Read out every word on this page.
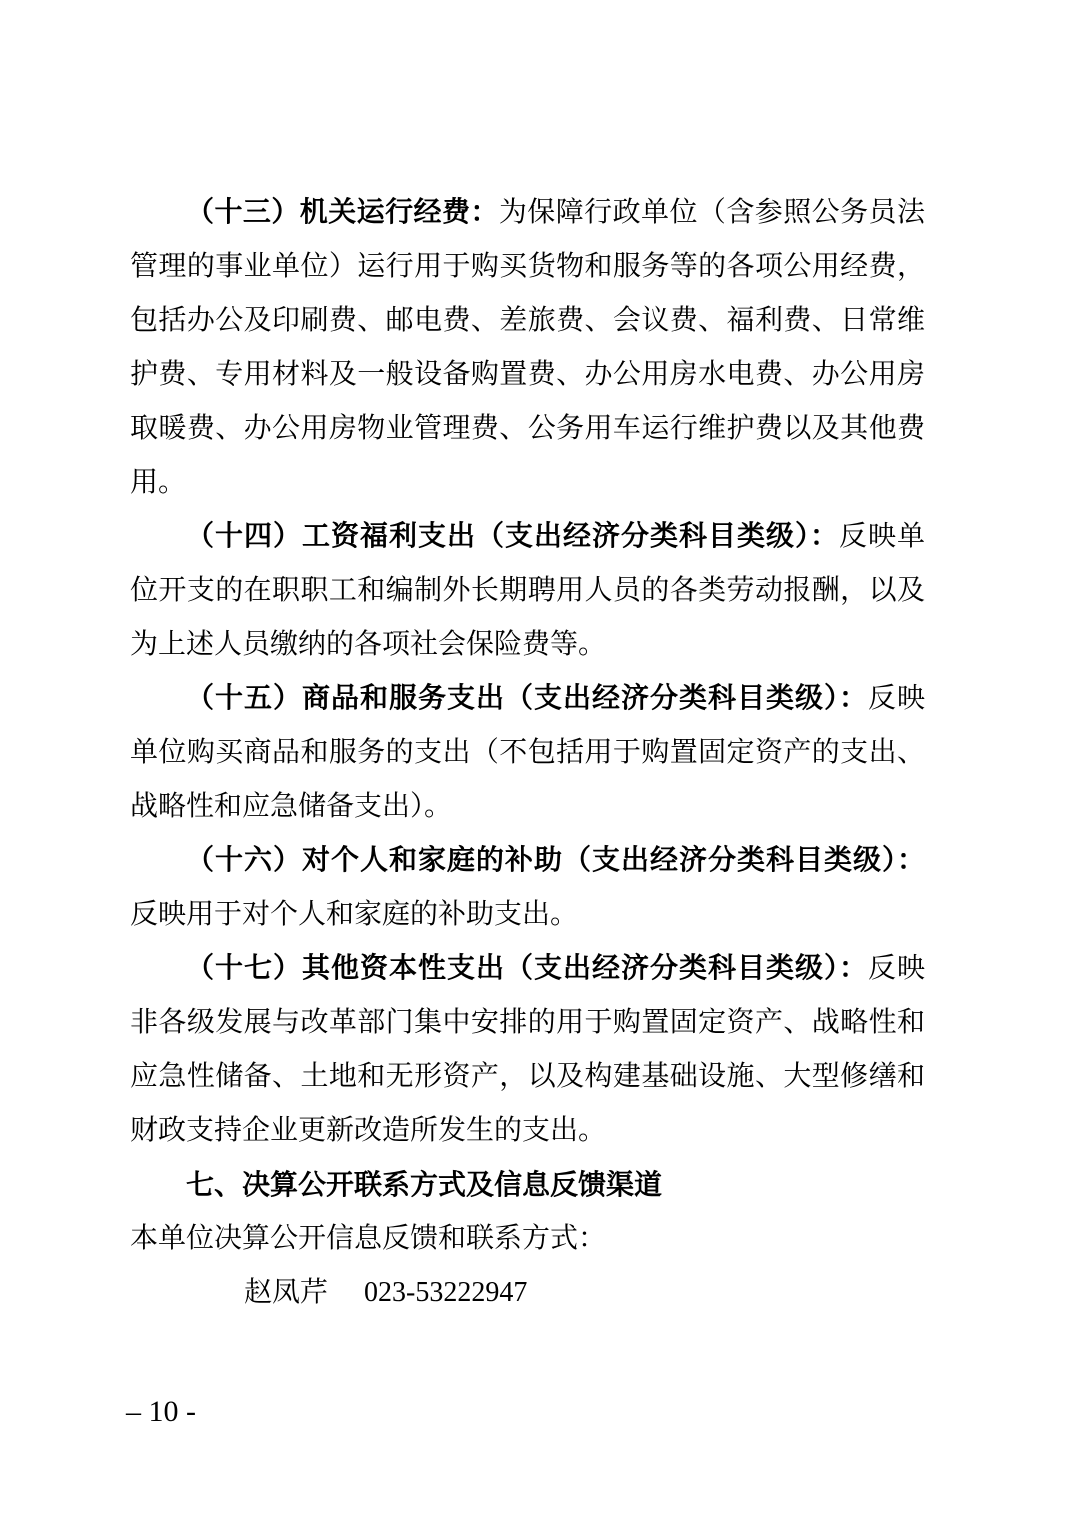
（十三）机关运行经费：为保障行政单位（含参照公务员法
管理的事业单位）运行用于购买货物和服务等的各项公用经费，
包括办公及印刷费、邮电费、差旅费、会议费、福利费、日常维
护费、专用材料及一般设备购置费、办公用房水电费、办公用房
取暖费、办公用房物业管理费、公务用车运行维护费以及其他费
用。
（十四）工资福利支出（支出经济分类科目类级）：反映单
位开支的在职职工和编制外长期聘用人员的各类劳动报酬，以及
为上述人员缴纳的各项社会保险费等。
（十五）商品和服务支出（支出经济分类科目类级）：反映
单位购买商品和服务的支出（不包括用于购置固定资产的支出、
战略性和应急储备支出）。
（十六）对个人和家庭的补助（支出经济分类科目类级）：
反映用于对个人和家庭的补助支出。
（十七）其他资本性支出（支出经济分类科目类级）：反映
非各级发展与改革部门集中安排的用于购置固定资产、战略性和
应急性储备、土地和无形资产，以及构建基础设施、大型修缮和
财政支持企业更新改造所发生的支出。
七、决算公开联系方式及信息反馈渠道
本单位决算公开信息反馈和联系方式：
赵凤芹 023-53222947
– 10 -
